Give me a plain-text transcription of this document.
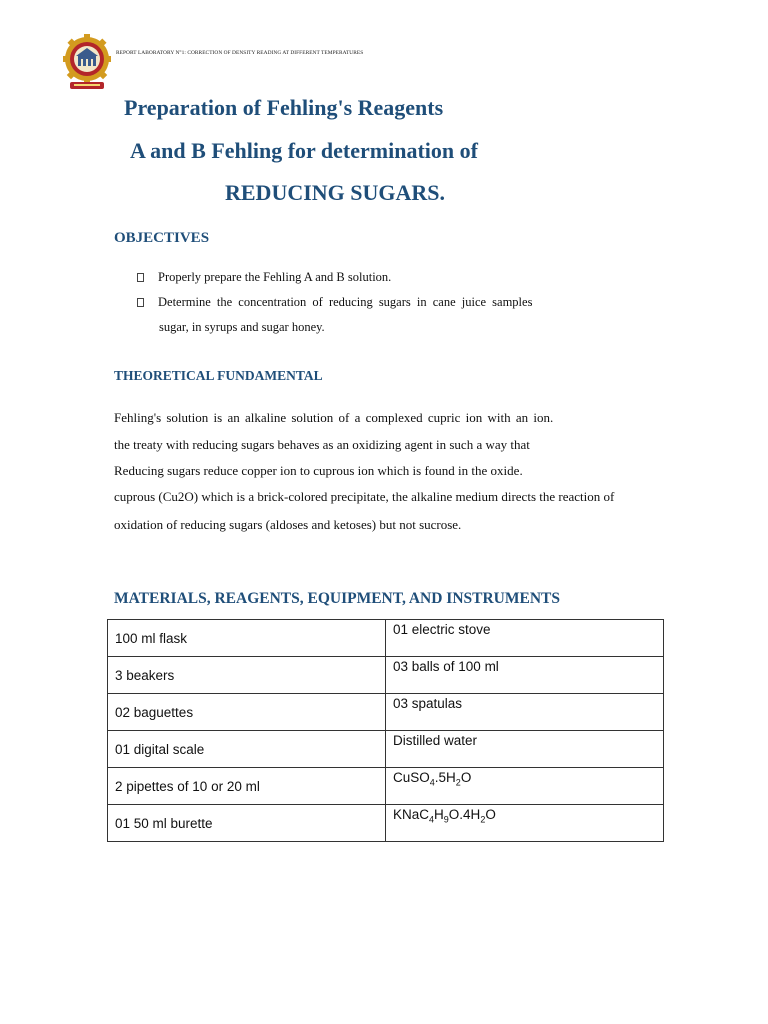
REPORT LABORATORY N°1: CORRECTION OF DENSITY READING AT DIFFERENT TEMPERATURES
Preparation of Fehling's Reagents
A and B Fehling for determination of
REDUCING SUGARS.
OBJECTIVES
Properly prepare the Fehling A and B solution.
Determine the concentration of reducing sugars in cane juice samples
sugar, in syrups and sugar honey.
THEORETICAL FUNDAMENTAL
Fehling's solution is an alkaline solution of a complexed cupric ion with an ion.
the treaty with reducing sugars behaves as an oxidizing agent in such a way that
Reducing sugars reduce copper ion to cuprous ion which is found in the oxide.
cuprous (Cu2O) which is a brick-colored precipitate, the alkaline medium directs the reaction of
oxidation of reducing sugars (aldoses and ketoses) but not sucrose.
MATERIALS, REAGENTS, EQUIPMENT, AND INSTRUMENTS
100 ml flask	01 electric stove
3 beakers	03 balls of 100 ml
02 baguettes	03 spatulas
01 digital scale	Distilled water
2 pipettes of 10 or 20 ml	$CuSO_4.5H_2O$
01 50 ml burette	$KNaC_4H_9O.4H_2O$
